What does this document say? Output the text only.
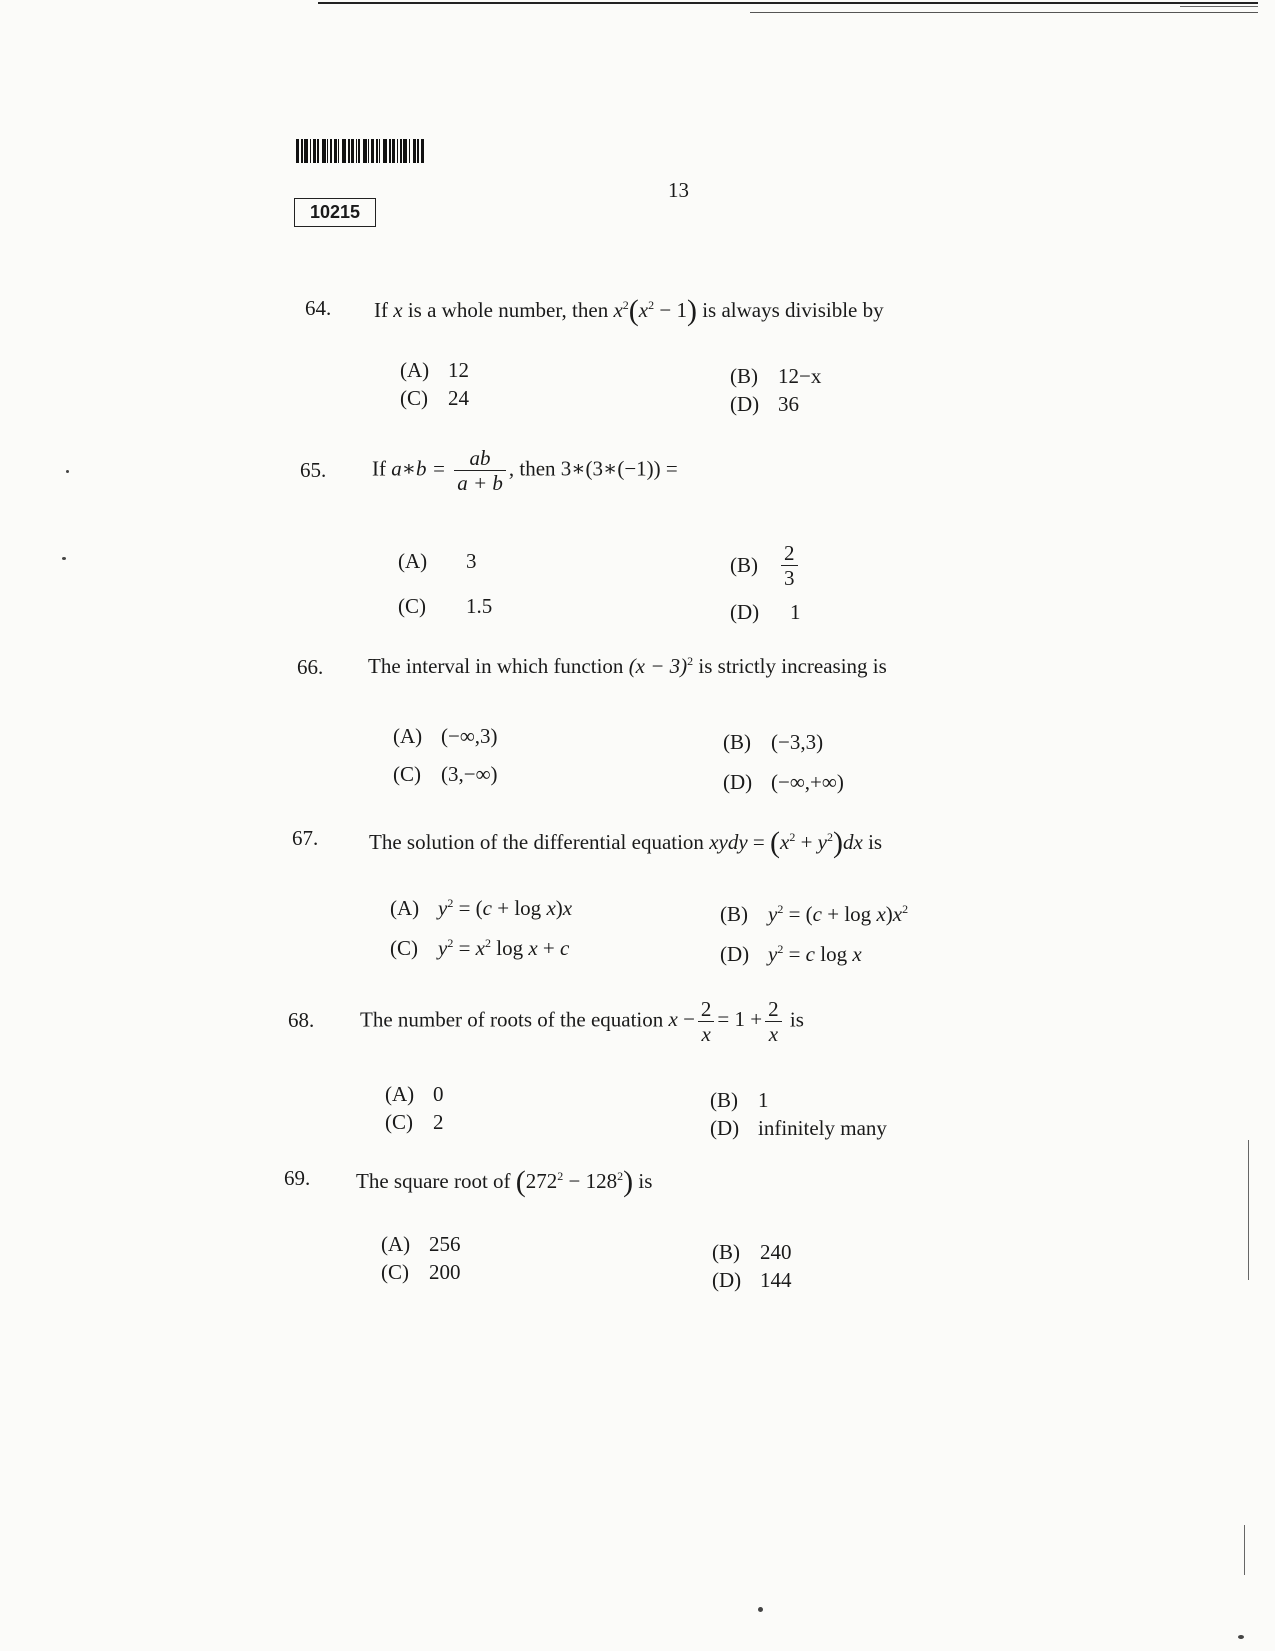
13
10215
64. If x is a whole number, then $x^2(x^2 - 1)$ is always divisible by
(A) 12	(B) 12−x
(C) 24	(D) 36
65. If a∗b = $\frac{ab}{a + b}$ , then 3∗(3∗(−1)) =
(A) 3	$(B) \frac{2}{3}$
(C) 1.5	(D) 1
66. The interval in which function $(x - 3)^2$ is strictly increasing is
(A) (−∞,3)	(B) (−3,3)
(C) (3,−∞)	(D) (−∞,+∞)
67. The solution of the differential equation xydy = $(x^2 + y^2)dx$ is
(A) $y^2 = (c + \log x)x$	(B) $y^2 = (c + \log x)x^2$
(C) $y^2 = x^2$ log x + c	(D) $y^2 = c$ log x
68. The number of roots of the equation $x - \frac{2}{x} = 1 + \frac{2}{x}$ is
(A) 0	(B) 1
(C) 2	(D) infinitely many
69. The square root of $(272^2 - 128^2)$ is
(A) 256	(B) 240
(C) 200	(D) 144
